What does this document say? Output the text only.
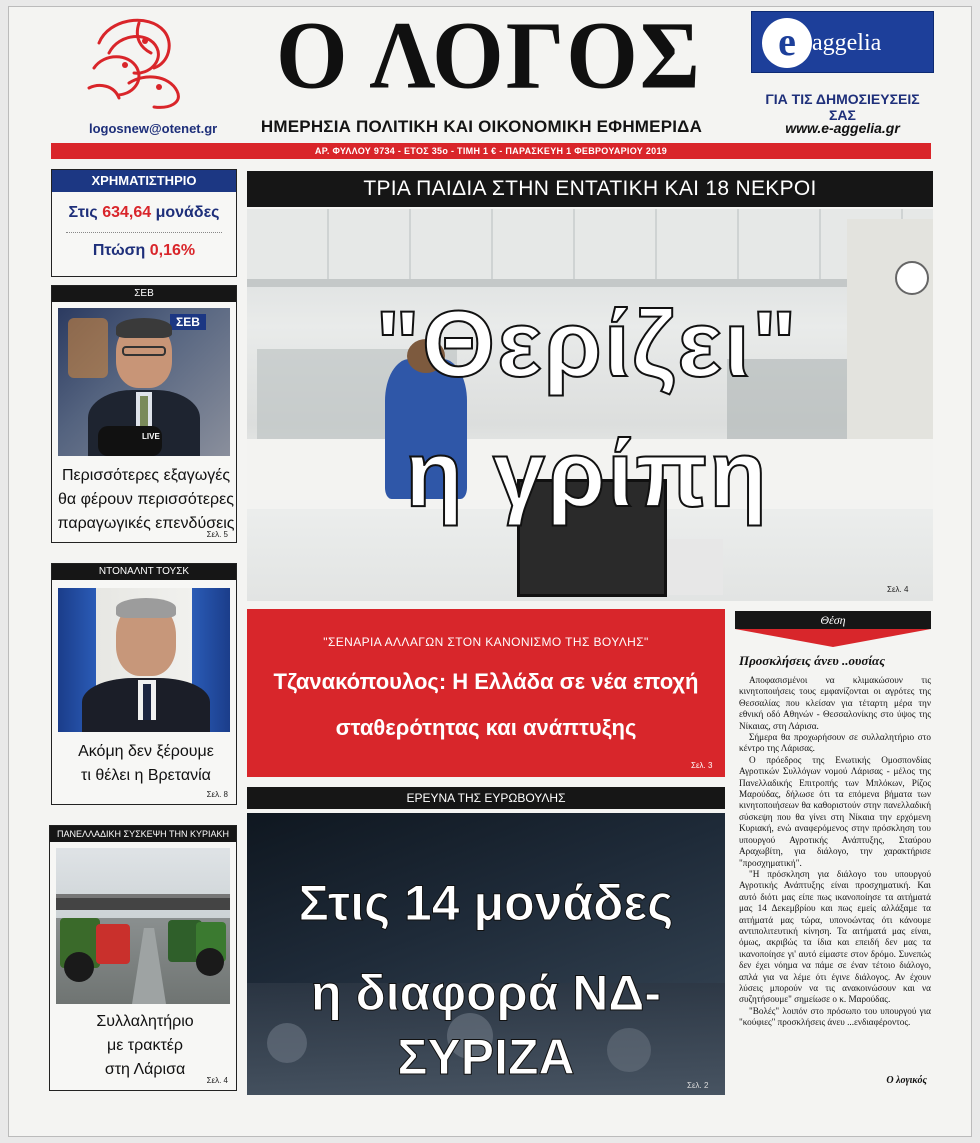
logosnew@otenet.gr
Ο ΛΟΓΟΣ
ΗΜΕΡΗΣΙΑ ΠΟΛΙΤΙΚΗ ΚΑΙ ΟΙΚΟΝΟΜΙΚΗ ΕΦΗΜΕΡΙΔΑ
e aggelia
ΓΙΑ ΤΙΣ ΔΗΜΟΣΙΕΥΣΕΙΣ ΣΑΣ
www.e-aggelia.gr
ΑΡ. ΦΥΛΛΟΥ 9734 - ΕΤΟΣ 35ο - ΤΙΜΗ 1 € - ΠΑΡΑΣΚΕΥΗ 1 ΦΕΒΡΟΥΑΡΙΟΥ 2019
ΧΡΗΜΑΤΙΣΤΗΡΙΟ
Στις 634,64 μονάδες
Πτώση 0,16%
ΣΕΒ
ΣΕΒ
LIVE
Περισσότερες εξαγωγές
θα φέρουν περισσότερες
παραγωγικές επενδύσεις
Σελ. 5
ΝΤΟΝΑΛΝΤ ΤΟΥΣΚ
Ακόμη δεν ξέρουμε
τι θέλει η Βρετανία
Σελ. 8
ΠΑΝΕΛΛΑΔΙΚΗ ΣΥΣΚΕΨΗ ΤΗΝ ΚΥΡΙΑΚΗ
Συλλαλητήριο
με τρακτέρ
στη Λάρισα
Σελ. 4
ΤΡΙΑ ΠΑΙΔΙΑ ΣΤΗΝ ΕΝΤΑΤΙΚΗ ΚΑΙ 18 ΝΕΚΡΟΙ
"Θερίζει"
η γρίπη
Σελ. 4
"ΣΕΝΑΡΙΑ ΑΛΛΑΓΩΝ ΣΤΟΝ ΚΑΝΟΝΙΣΜΟ ΤΗΣ ΒΟΥΛΗΣ"
Τζανακόπουλος: Η Ελλάδα σε νέα εποχή
σταθερότητας και ανάπτυξης
Σελ. 3
ΕΡΕΥΝΑ ΤΗΣ ΕΥΡΩΒΟΥΛΗΣ
Στις 14 μονάδες
η διαφορά ΝΔ-ΣΥΡΙΖΑ
Σελ. 2
Θέση
Προσκλήσεις άνευ ..ουσίας

Αποφασισμένοι να κλιμακώσουν τις κινητοποιήσεις τους εμφανίζονται οι αγρότες της Θεσσαλίας που κλείσαν για τέταρτη μέρα την εθνική οδό Αθηνών - Θεσσαλονίκης στο ύψος της Νίκαιας, στη Λάρισα.

Σήμερα θα προχωρήσουν σε συλλαλητήριο στο κέντρο της Λάρισας.

Ο πρόεδρος της Ενωτικής Ομοσπονδίας Αγροτικών Συλλόγων νομού Λάρισας - μέλος της Πανελλαδικής Επιτροπής των Μπλόκων, Ρίζος Μαρούδας, δήλωσε ότι τα επόμενα βήματα των κινητοποιήσεων θα καθοριστούν στην πανελλαδική σύσκεψη που θα γίνει στη Νίκαια την ερχόμενη Κυριακή, ενώ αναφερόμενος στην πρόσκληση του υπουργού Αγροτικής Ανάπτυξης, Σταύρου Αραχωβίτη, για διάλογο, την χαρακτήρισε "προσχηματική".

"Η πρόσκληση για διάλογο του υπουργού Αγροτικής Ανάπτυξης είναι προσχηματική. Και αυτό διότι μας είπε πως ικανοποίησε τα αιτήματά μας 14 Δεκεμβρίου και πως εμείς αλλάξαμε τα αιτήματά μας τώρα, υπονοώντας ότι κάνουμε αντιπολιτευτική κίνηση. Τα αιτήματά μας είναι, όμως, ακριβώς τα ίδια και επειδή δεν μας τα ικανοποίησε γι' αυτό είμαστε στον δρόμο. Συνεπώς δεν έχει νόημα να πάμε σε έναν τέτοιο διάλογο, απλά για να λέμε ότι έγινε διάλογος. Αν έχουν λύσεις μπορούν να τις ανακοινώσουν και να συζητήσουμε" σημείωσε ο κ. Μαρούδας.

"Βολές" λοιπόν στο πρόσωπο του υπουργού για "κούφιες" προσκλήσεις άνευ ...ενδιαφέροντος.

Ο λογικός
